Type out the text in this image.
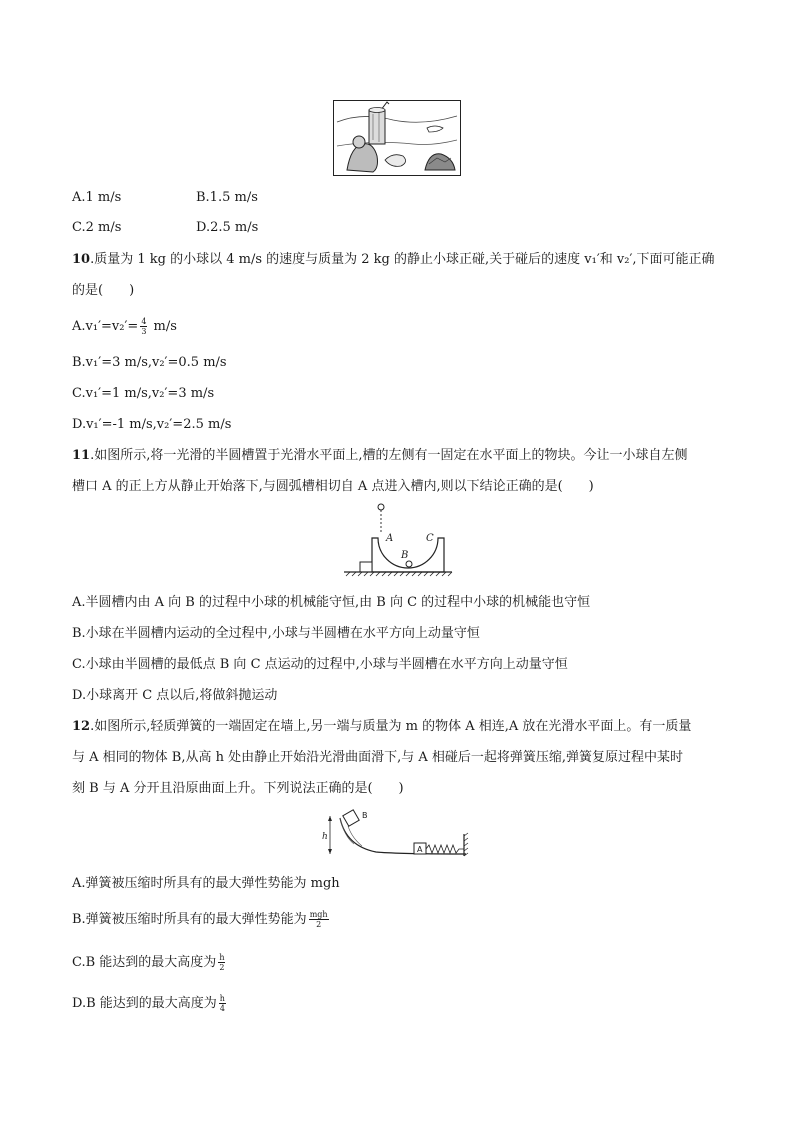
A.1 m/s	B.1.5 m/s
C.2 m/s	D.2.5 m/s
10.质量为 1 kg 的小球以 4 m/s 的速度与质量为 2 kg 的静止小球正碰,关于碰后的速度 v₁′和 v₂′,下面可能正确
的是(　　)
$A.v_1'=v_2'= \frac{4}{3} m/s$
B.v₁′=3 m/s,v₂′=0.5 m/s
C.v₁′=1 m/s,v₂′=3 m/s
D.v₁′=-1 m/s,v₂′=2.5 m/s
11.如图所示,将一光滑的半圆槽置于光滑水平面上,槽的左侧有一固定在水平面上的物块。今让一小球自左侧
槽口 A 的正上方从静止开始落下,与圆弧槽相切自 A 点进入槽内,则以下结论正确的是(　　)
A
B
C
A.半圆槽内由 A 向 B 的过程中小球的机械能守恒,由 B 向 C 的过程中小球的机械能也守恒
B.小球在半圆槽内运动的全过程中,小球与半圆槽在水平方向上动量守恒
C.小球由半圆槽的最低点 B 向 C 点运动的过程中,小球与半圆槽在水平方向上动量守恒
D.小球离开 C 点以后,将做斜抛运动
12.如图所示,轻质弹簧的一端固定在墙上,另一端与质量为 m 的物体 A 相连,A 放在光滑水平面上。有一质量
与 A 相同的物体 B,从高 h 处由静止开始沿光滑曲面滑下,与 A 相碰后一起将弹簧压缩,弹簧复原过程中某时
刻 B 与 A 分开且沿原曲面上升。下列说法正确的是(　　)
h
B
A
A.弹簧被压缩时所具有的最大弹性势能为 mgh
B.弹簧被压缩时所具有的最大弹性势能为 $\frac{\text{mgh}}{2}$
C.B 能达到的最大高度为 $\frac{h}{2}$
D.B 能达到的最大高度为 $\frac{h}{4}$
